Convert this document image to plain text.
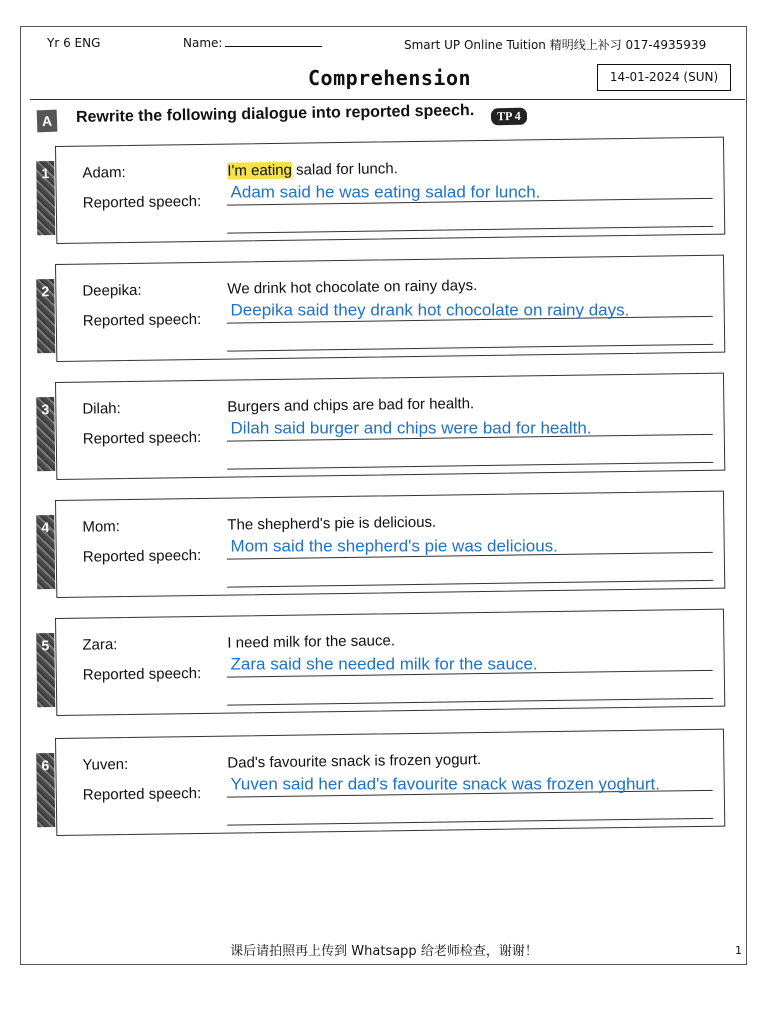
Yr 6 ENG	Name:	Smart UP Online Tuition 精明线上补习 017-4935939
Comprehension	14-01-2024 (SUN)
A	Rewrite the following dialogue into reported speech.	TP 4
1	Adam:	I'm eating salad for lunch.
Reported speech:
Adam said he was eating salad for lunch.
2	Deepika:	We drink hot chocolate on rainy days.
Reported speech:
Deepika said they drank hot chocolate on rainy days.
3	Dilah:	Burgers and chips are bad for health.
Reported speech:
Dilah said burger and chips were bad for health.
4	Mom:	The shepherd's pie is delicious.
Reported speech:
Mom said the shepherd's pie was delicious.
5	Zara:	I need milk for the sauce.
Reported speech:
Zara said she needed milk for the sauce.
6	Yuven:	Dad's favourite snack is frozen yogurt.
Reported speech:
Yuven said her dad's favourite snack was frozen yoghurt.
课后请拍照再上传到 Whatsapp 给老师检查，谢谢！	1
